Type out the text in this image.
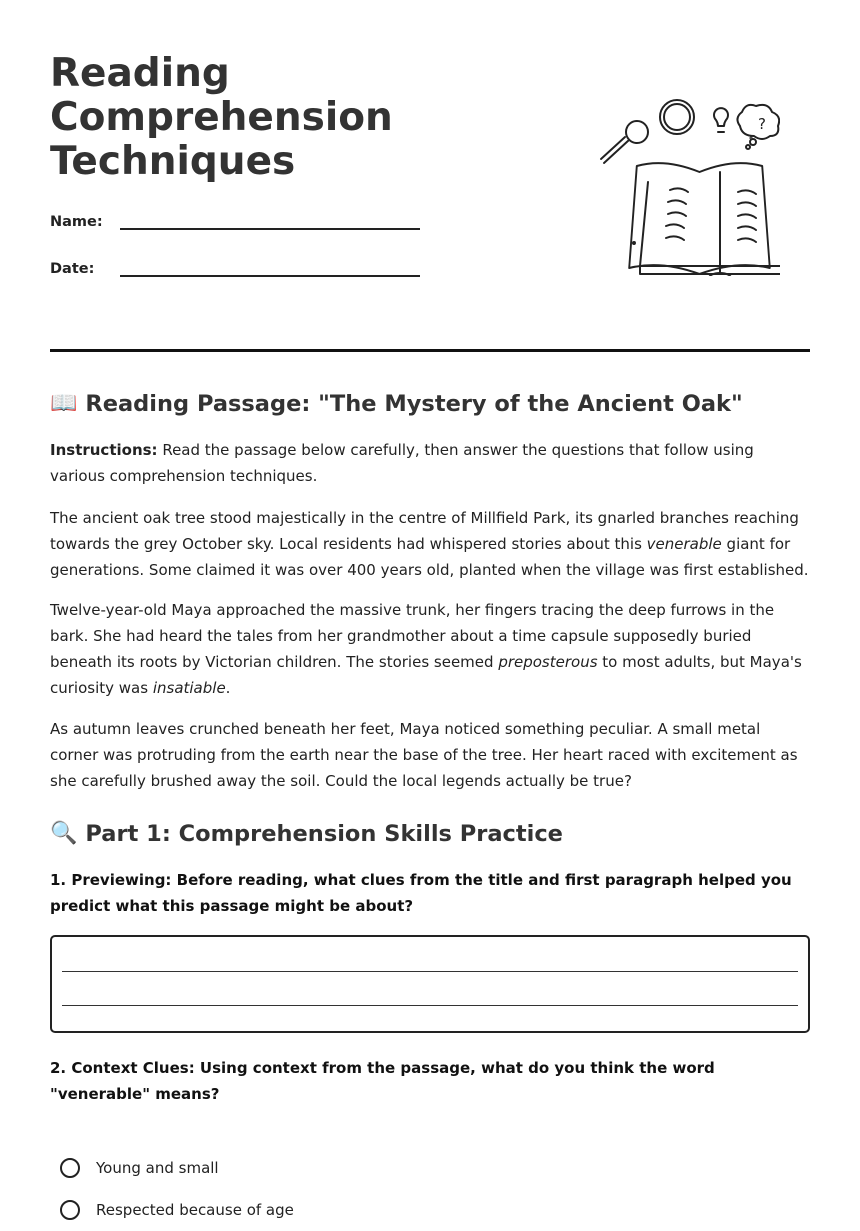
Reading
Comprehension
Techniques
Name:
Date:
?
📖 Reading Passage: "The Mystery of the Ancient Oak"

Instructions: Read the passage below carefully, then answer the questions that follow using various comprehension techniques.

The ancient oak tree stood majestically in the centre of Millfield Park, its gnarled branches reaching towards the grey October sky. Local residents had whispered stories about this venerable giant for generations. Some claimed it was over 400 years old, planted when the village was first established.

Twelve-year-old Maya approached the massive trunk, her fingers tracing the deep furrows in the bark. She had heard the tales from her grandmother about a time capsule supposedly buried beneath its roots by Victorian children. The stories seemed preposterous to most adults, but Maya's curiosity was insatiable.

As autumn leaves crunched beneath her feet, Maya noticed something peculiar. A small metal corner was protruding from the earth near the base of the tree. Her heart raced with excitement as she carefully brushed away the soil. Could the local legends actually be true?

🔍 Part 1: Comprehension Skills Practice

1. Previewing: Before reading, what clues from the title and first paragraph helped you predict what this passage might be about?

2. Context Clues: Using context from the passage, what do you think the word "venerable" means?

Young and small
Respected because of age
